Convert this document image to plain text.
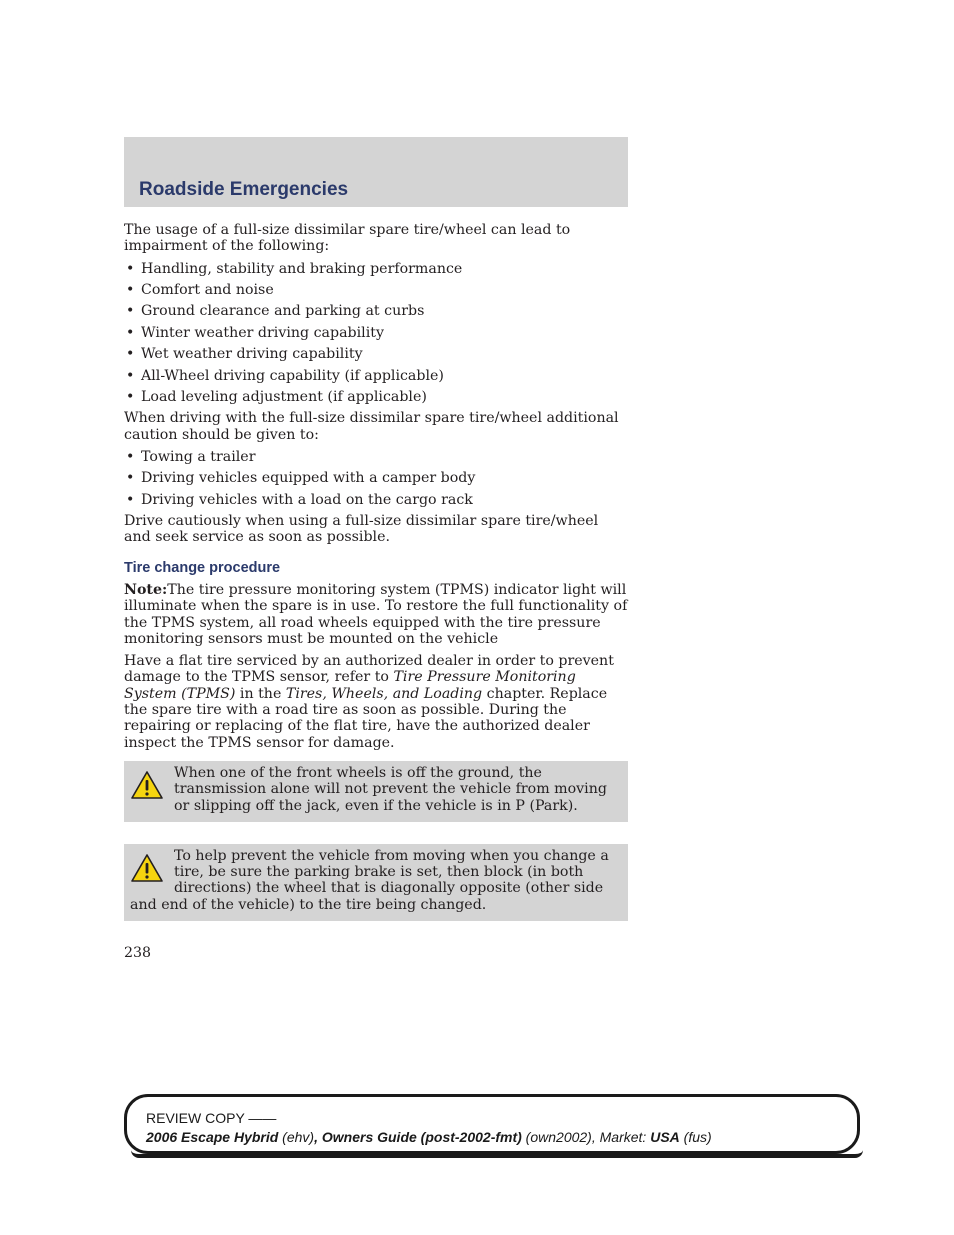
Roadside Emergencies

The usage of a full-size dissimilar spare tire/wheel can lead to impairment of the following:

• Handling, stability and braking performance
• Comfort and noise
• Ground clearance and parking at curbs
• Winter weather driving capability
• Wet weather driving capability
• All-Wheel driving capability (if applicable)
• Load leveling adjustment (if applicable)

When driving with the full-size dissimilar spare tire/wheel additional caution should be given to:

• Towing a trailer
• Driving vehicles equipped with a camper body
• Driving vehicles with a load on the cargo rack

Drive cautiously when using a full-size dissimilar spare tire/wheel and seek service as soon as possible.

Tire change procedure

Note:The tire pressure monitoring system (TPMS) indicator light will illuminate when the spare is in use. To restore the full functionality of the TPMS system, all road wheels equipped with the tire pressure monitoring sensors must be mounted on the vehicle

Have a flat tire serviced by an authorized dealer in order to prevent damage to the TPMS sensor, refer to Tire Pressure Monitoring System (TPMS) in the Tires, Wheels, and Loading chapter. Replace the spare tire with a road tire as soon as possible. During the repairing or replacing of the flat tire, have the authorized dealer inspect the TPMS sensor for damage.

When one of the front wheels is off the ground, the transmission alone will not prevent the vehicle from moving or slipping off the jack, even if the vehicle is in P (Park).
To help prevent the vehicle from moving when you change a tire, be sure the parking brake is set, then block (in both directions) the wheel that is diagonally opposite (other side and end of the vehicle) to the tire being changed.
238
REVIEW COPY ——
2006 Escape Hybrid (ehv), Owners Guide (post-2002-fmt) (own2002), Market: USA (fus)
